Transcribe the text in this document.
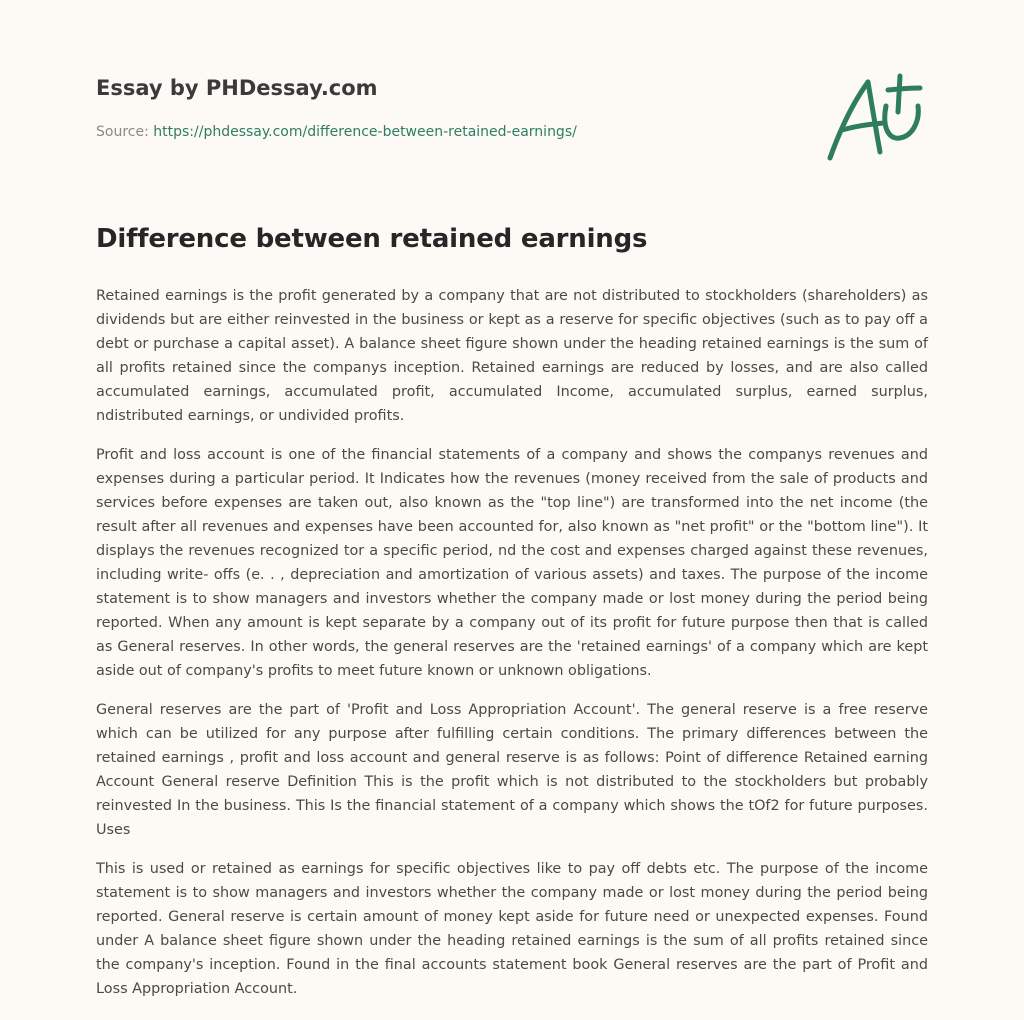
Essay by PHDessay.com
Source: https://phdessay.com/difference-between-retained-earnings/
Difference between retained earnings

Retained earnings is the profit generated by a company that are not distributed to stockholders (shareholders) as dividends but are either reinvested in the business or kept as a reserve for specific objectives (such as to pay off a debt or purchase a capital asset). A balance sheet figure shown under the heading retained earnings is the sum of all profits retained since the companys inception. Retained earnings are reduced by losses, and are also called accumulated earnings, accumulated profit, accumulated Income, accumulated surplus, earned surplus, ndistributed earnings, or undivided profits.

Profit and loss account is one of the financial statements of a company and shows the companys revenues and expenses during a particular period. It Indicates how the revenues (money received from the sale of products and services before expenses are taken out, also known as the "top line") are transformed into the net income (the result after all revenues and expenses have been accounted for, also known as "net profit" or the "bottom line"). It displays the revenues recognized tor a specific period, nd the cost and expenses charged against these revenues, including write- offs (e. . , depreciation and amortization of various assets) and taxes. The purpose of the income statement is to show managers and investors whether the company made or lost money during the period being reported. When any amount is kept separate by a company out of its profit for future purpose then that is called as General reserves. In other words, the general reserves are the 'retained earnings' of a company which are kept aside out of company's profits to meet future known or unknown obligations.

General reserves are the part of 'Profit and Loss Appropriation Account'. The general reserve is a free reserve which can be utilized for any purpose after fulfilling certain conditions. The primary differences between the retained earnings , profit and loss account and general reserve is as follows: Point of difference Retained earning Account General reserve Definition This is the profit which is not distributed to the stockholders but probably reinvested In the business. This Is the financial statement of a company which shows the tOf2 for future purposes. Uses

This is used or retained as earnings for specific objectives like to pay off debts etc. The purpose of the income statement is to show managers and investors whether the company made or lost money during the period being reported. General reserve is certain amount of money kept aside for future need or unexpected expenses. Found under A balance sheet figure shown under the heading retained earnings is the sum of all profits retained since the company's inception. Found in the final accounts statement book General reserves are the part of Profit and Loss Appropriation Account.
